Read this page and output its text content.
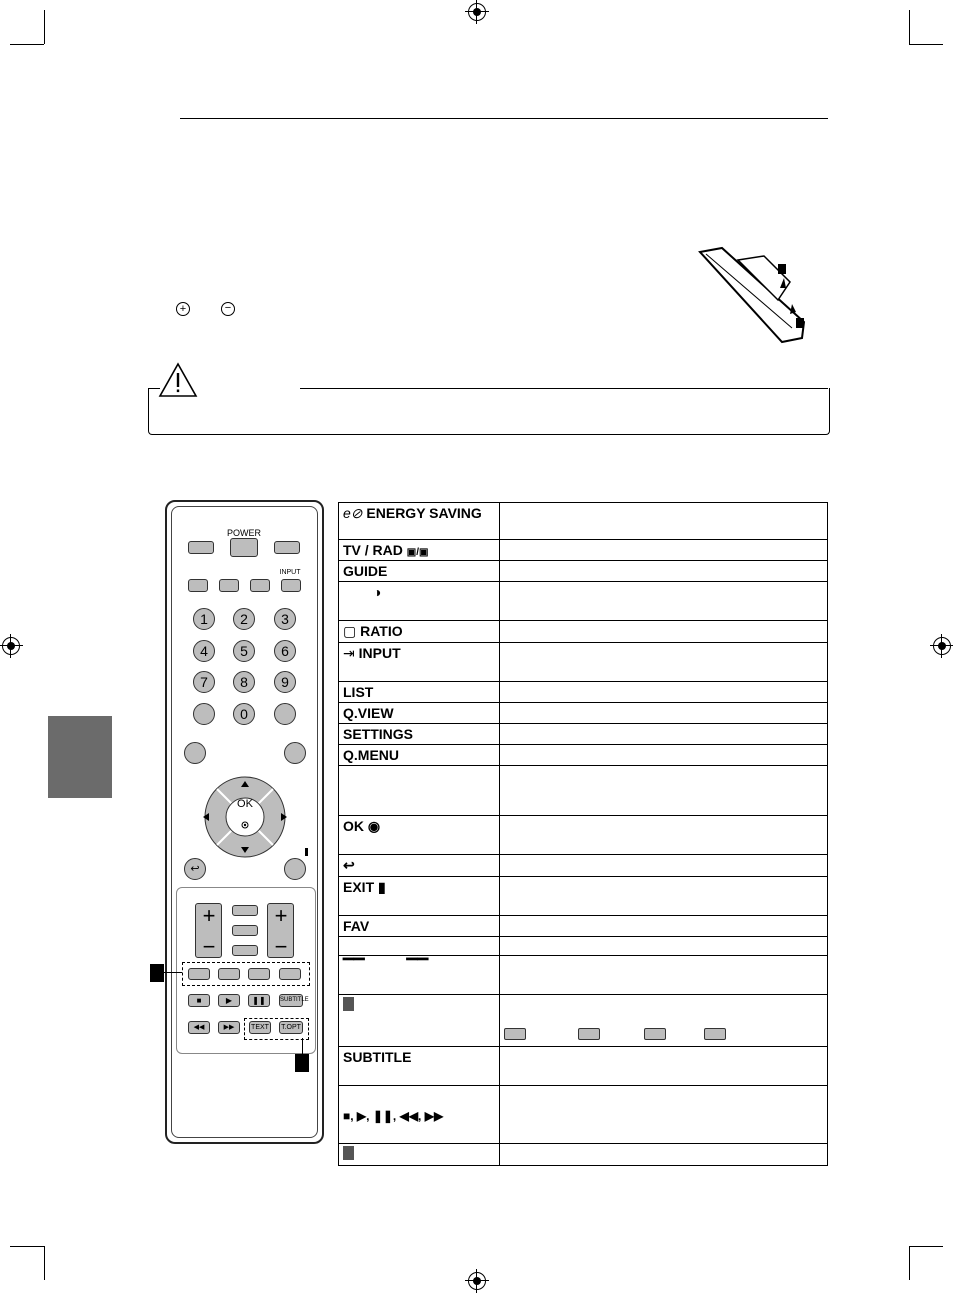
+	−
POWER
INPUT
1	2	3
4	5	6
7	8	9
0
OK
↩
+
−
+
−
■	▶	❚❚	SUBTITLE
◀◀	▶▶	TEXT T.OPT
e⊘ ENERGY SAVING	
TV / RAD ▣/▣	
GUIDE	
◑	
▢ RATIO	
⇥ INPUT	
LIST	
Q.VIEW	
SETTINGS	
Q.MENU	

OK ◉	
↩	
EXIT ▮	
FAV	

▔▔ ▔▔	

SUBTITLE	
■, ▶, ❚❚, ◀◀, ▶▶	
